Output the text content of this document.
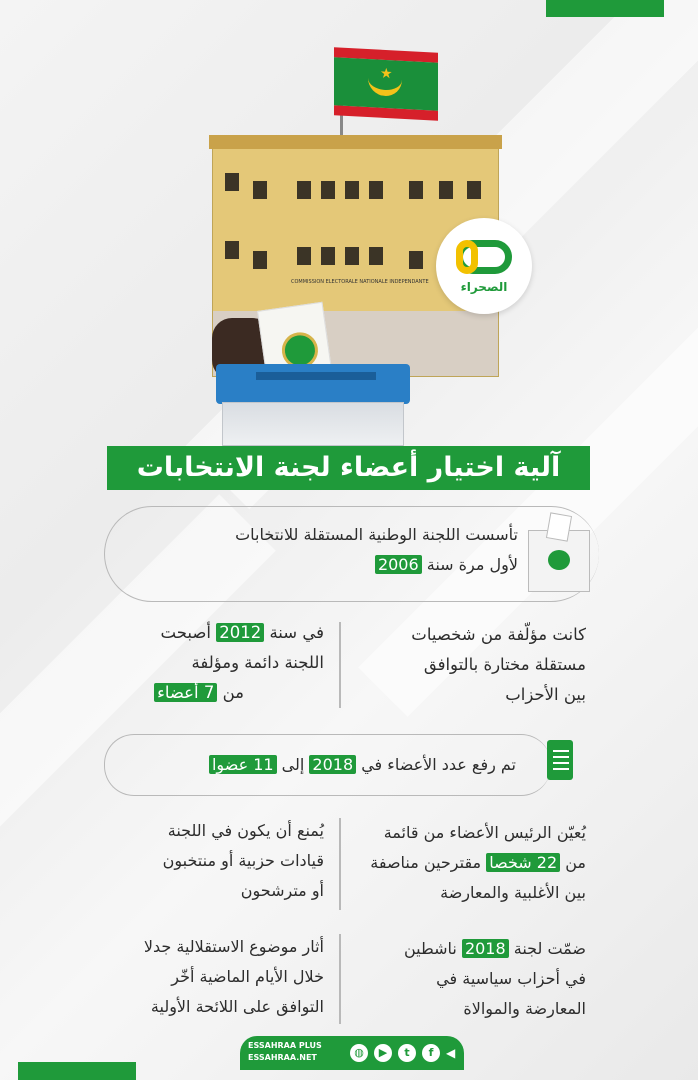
★
COMMISSION ELECTORALE NATIONALE INDEPENDANTE	الصحراء
آلية اختيار أعضاء لجنة الانتخابات
تأسست اللجنة الوطنية المستقلة للانتخابات
لأول مرة سنة 2006
كانت مؤلّفة من شخصيات
مستقلة مختارة بالتوافق
بين الأحزاب
في سنة 2012 أصبحت
اللجنة دائمة ومؤلفة
من 7 أعضاء
تم رفع عدد الأعضاء في 2018 إلى 11 عضوا
يُعيّن الرئيس الأعضاء من قائمة
من 22 شخصا مقترحين مناصفة
بين الأغلبية والمعارضة
يُمنع أن يكون في اللجنة
قيادات حزبية أو منتخبون
أو مترشحون
ضمّت لجنة 2018 ناشطين
في أحزاب سياسية في
المعارضة والموالاة
أثار موضوع الاستقلالية جدلا
خلال الأيام الماضية أخّر
التوافق على اللائحة الأولية
ESSAHRAA PLUS
ESSAHRAA.NET	◍	▶	t	f	◀
